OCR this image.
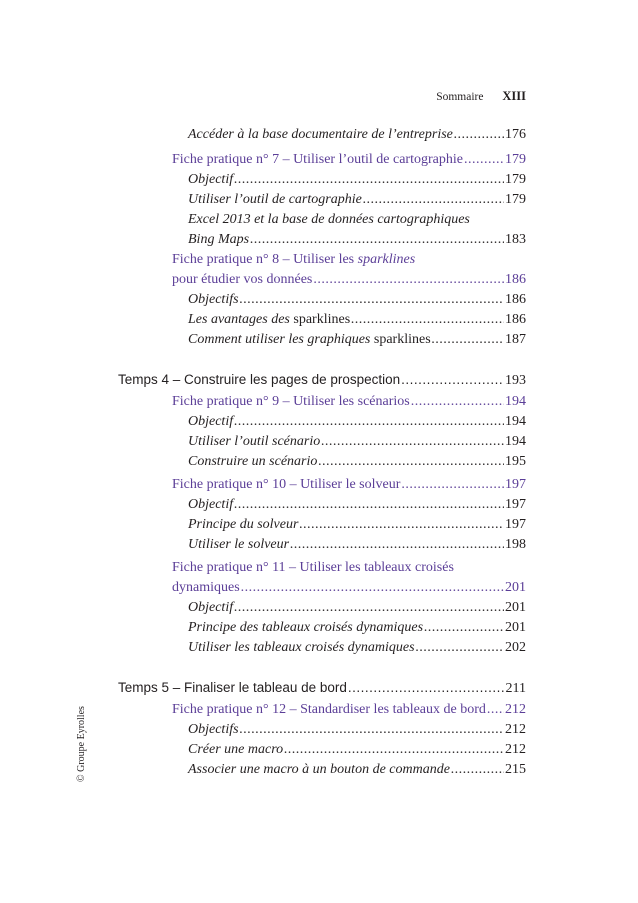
Sommaire XIII
© Groupe Eyrolles
Accéder à la base documentaire de l’entreprise .....	176
Fiche pratique n° 7 – Utiliser l’outil de cartographie .....	179
Objectif .....	179
Utiliser l’outil de cartographie .....	179
Excel 2013 et la base de données cartographiques
Bing Maps .....	183
Fiche pratique n° 8 – Utiliser les sparklines
pour étudier vos données .....	186
Objectifs .....	186
Les avantages des sparklines .....	186
Comment utiliser les graphiques sparklines .....	187
Temps 4 – Construire les pages de prospection .....	193
Fiche pratique n° 9 – Utiliser les scénarios .....	194
Objectif .....	194
Utiliser l’outil scénario .....	194
Construire un scénario .....	195
Fiche pratique n° 10 – Utiliser le solveur .....	197
Objectif .....	197
Principe du solveur .....	197
Utiliser le solveur .....	198
Fiche pratique n° 11 – Utiliser les tableaux croisés
dynamiques .....	201
Objectif .....	201
Principe des tableaux croisés dynamiques .....	201
Utiliser les tableaux croisés dynamiques .....	202
Temps 5 – Finaliser le tableau de bord .....	211
Fiche pratique n° 12 – Standardiser les tableaux de bord ..... 212
Objectifs .....	212
Créer une macro .....	212
Associer une macro à un bouton de commande .....	215
